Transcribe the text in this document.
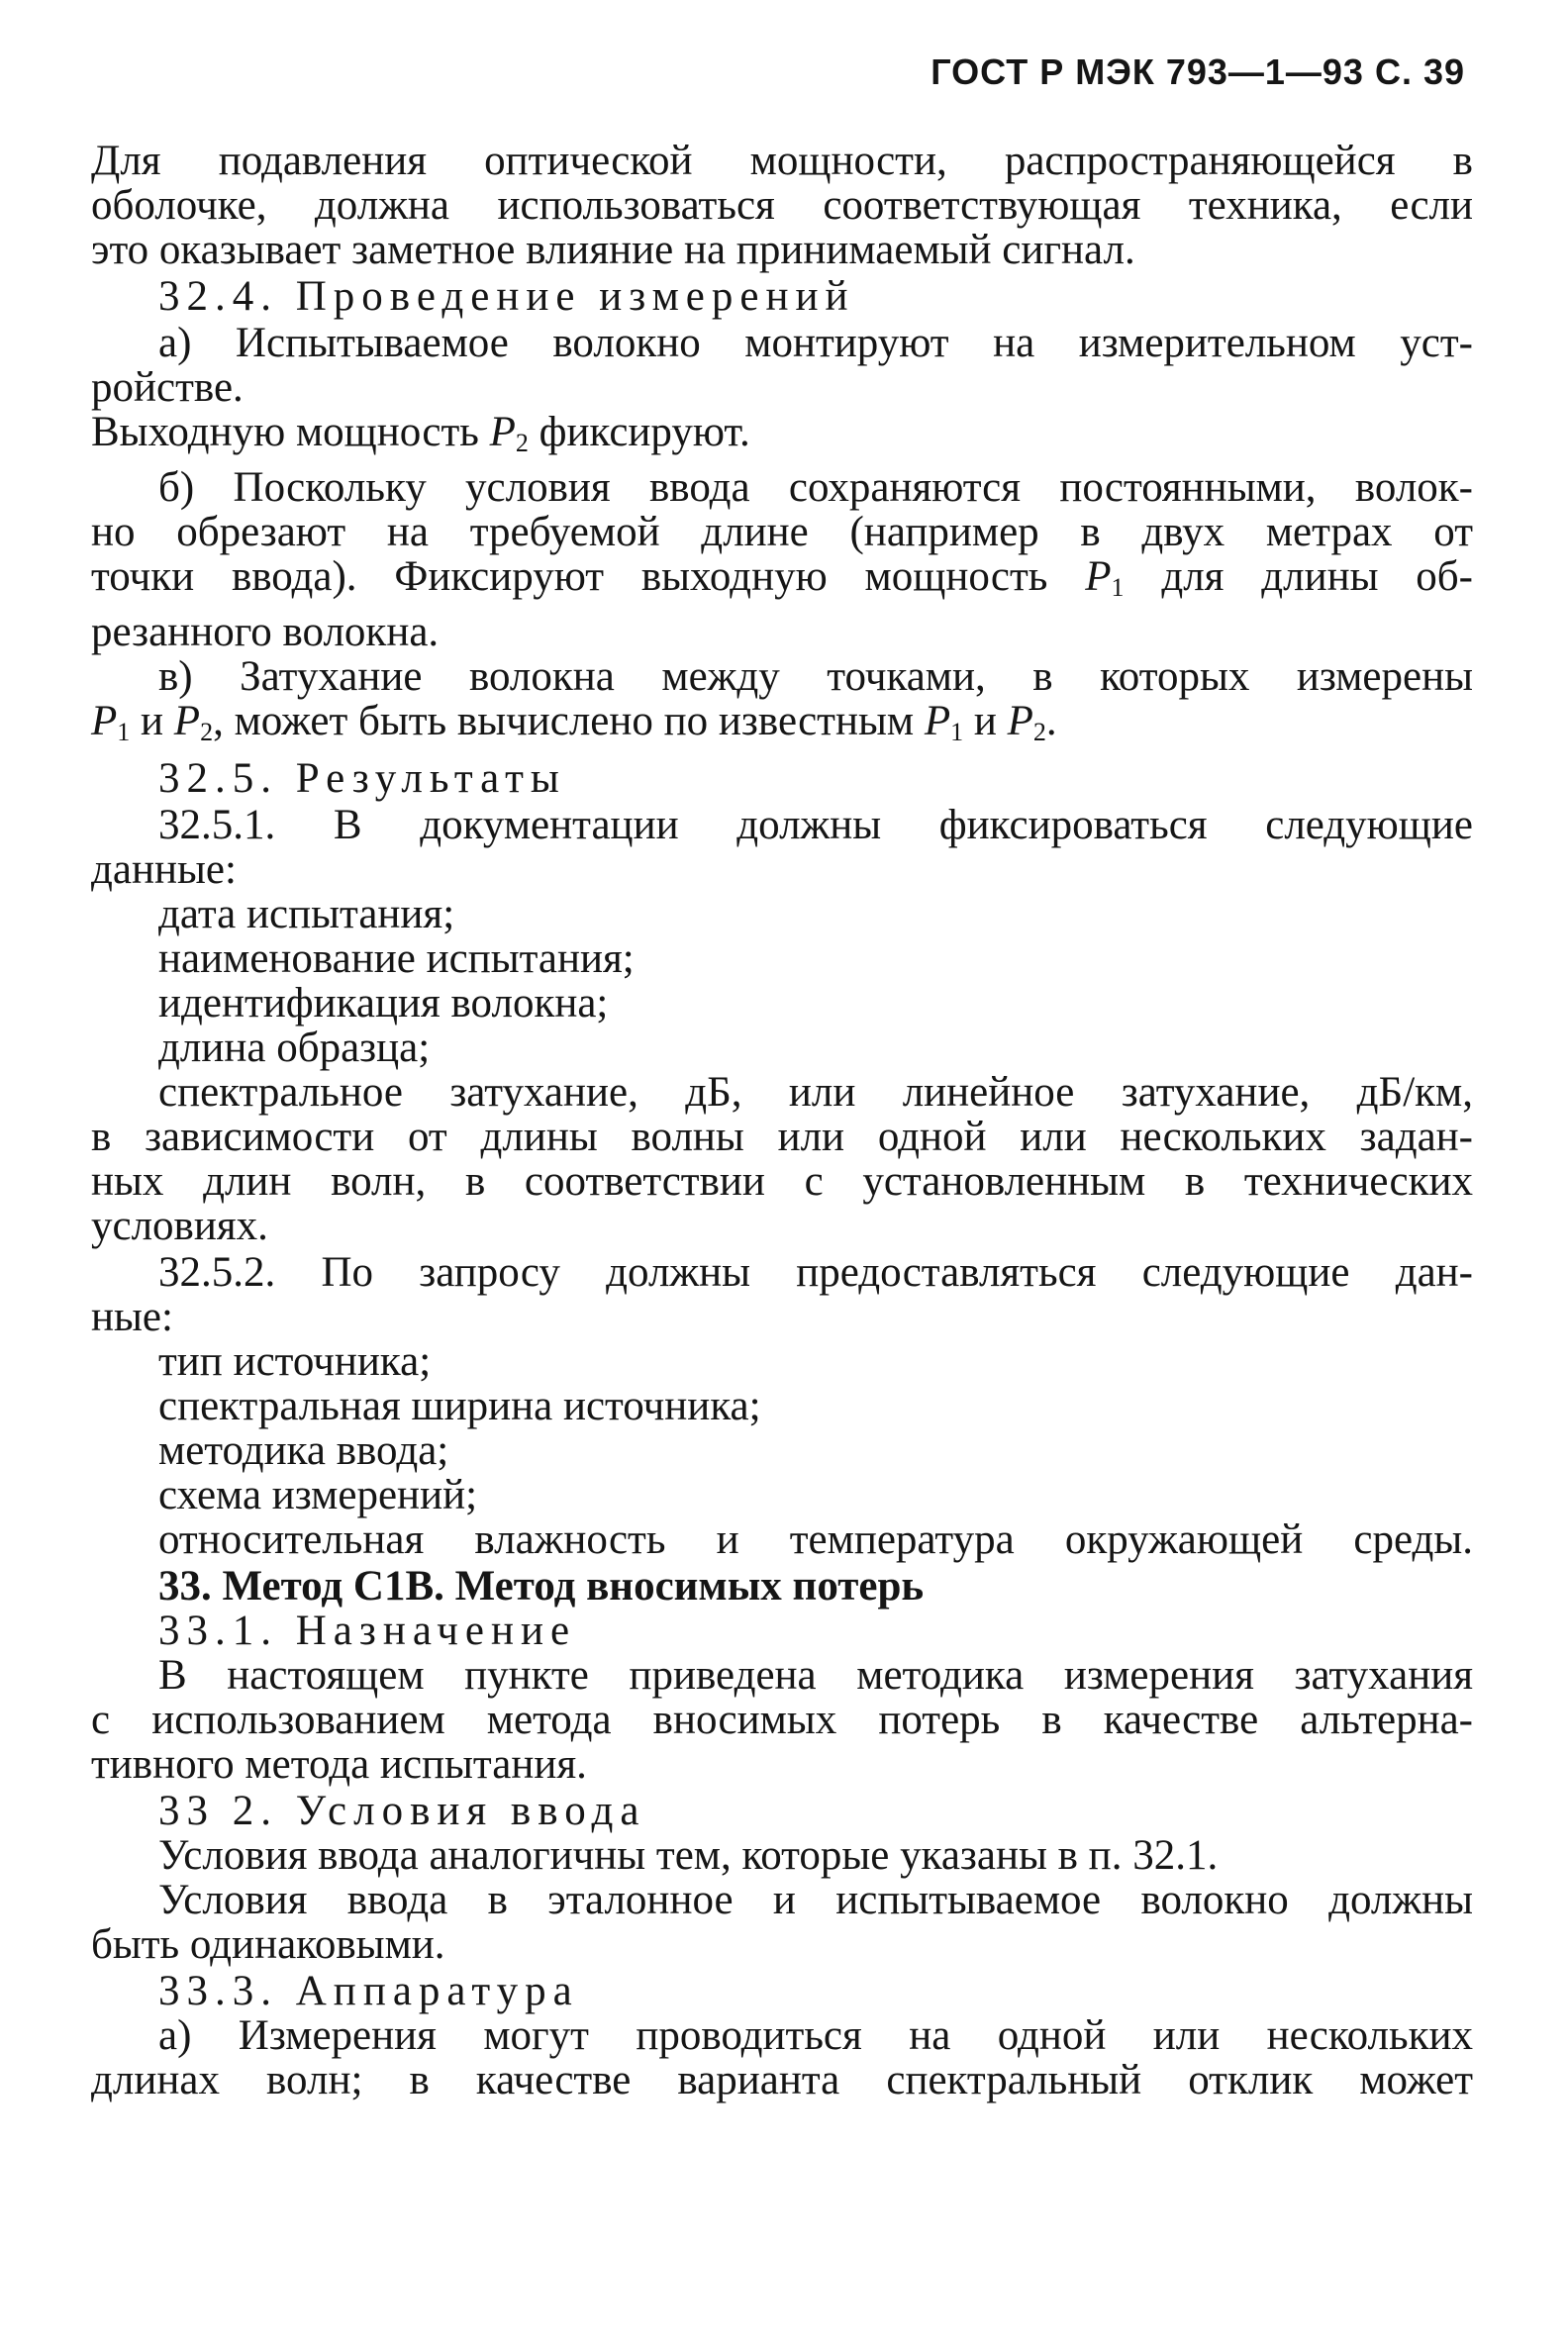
ГОСТ Р МЭК 793—1—93 С. 39
Для подавления оптической мощности, распространяющейся в
оболочке, должна использоваться соответствующая техника, если
это оказывает заметное влияние на принимаемый сигнал.
32.4. Проведение измерений
а) Испытываемое волокно монтируют на измерительном уст-
ройстве.
Выходную мощность $P_2$ фиксируют.
б) Поскольку условия ввода сохраняются постоянными, волок-
но обрезают на требуемой длине (например в двух метрах от
точки ввода). Фиксируют выходную мощность $P_1$ для длины об-
резанного волокна.
в) Затухание волокна между точками, в которых измерены
$P_1$ и $P_2$, может быть вычислено по известным $P_1$ и $P_2$.
32.5. Результаты
32.5.1. В документации должны фиксироваться следующие
данные:
дата испытания;
наименование испытания;
идентификация волокна;
длина образца;
спектральное затухание, дБ, или линейное затухание, дБ/км,
в зависимости от длины волны или одной или нескольких задан-
ных длин волн, в соответствии с установленным в технических
условиях.
32.5.2. По запросу должны предоставляться следующие дан-
ные:
тип источника;
спектральная ширина источника;
методика ввода;
схема измерений;
относительная влажность и температура окружающей среды.
33. Метод С1В. Метод вносимых потерь
33.1. Назначение
В настоящем пункте приведена методика измерения затухания
с использованием метода вносимых потерь в качестве альтерна-
тивного метода испытания.
33 2. Условия ввода
Условия ввода аналогичны тем, которые указаны в п. 32.1.
Условия ввода в эталонное и испытываемое волокно должны
быть одинаковыми.
33.3. Аппаратура
а) Измерения могут проводиться на одной или нескольких
длинах волн; в качестве варианта спектральный отклик может
